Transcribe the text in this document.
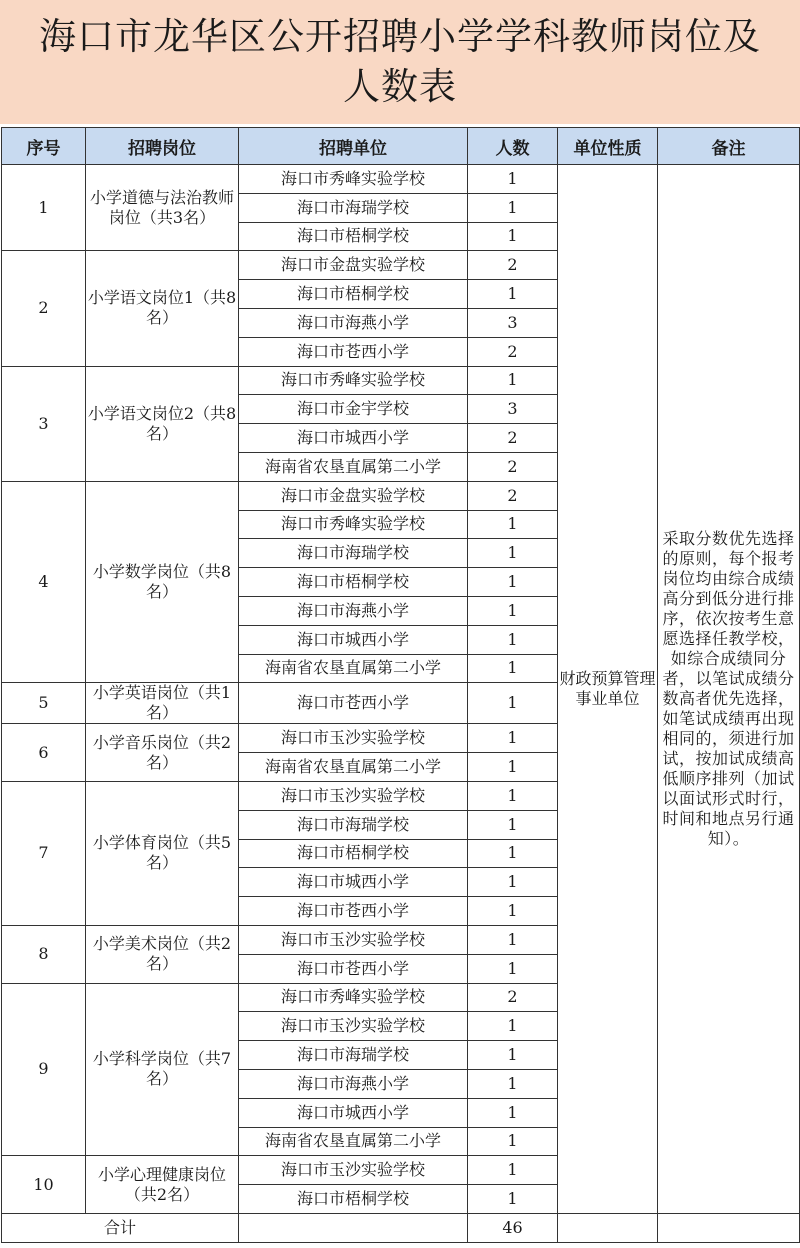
海口市龙华区公开招聘小学学科教师岗位及
人数表
序号	招聘岗位	招聘单位	人数	单位性质	备注
1	小学道德与法治教师岗位（共3名）	海口市秀峰实验学校	1	财政预算管理事业单位	采取分数优先选择的原则，每个报考岗位均由综合成绩高分到低分进行排序，依次按考生意愿选择任教学校，如综合成绩同分者，以笔试成绩分数高者优先选择，如笔试成绩再出现相同的，须进行加试，按加试成绩高低顺序排列（加试以面试形式时行，时间和地点另行通知）。
		海口市海瑞学校	1		
		海口市梧桐学校	1		
2	小学语文岗位1（共8名）	海口市金盘实验学校	2		
		海口市梧桐学校	1		
		海口市海燕小学	3		
		海口市苍西小学	2		
3	小学语文岗位2（共8名）	海口市秀峰实验学校	1		
		海口市金宇学校	3		
		海口市城西小学	2		
		海南省农垦直属第二小学	2		
4	小学数学岗位（共8名）	海口市金盘实验学校	2		
		海口市秀峰实验学校	1		
		海口市海瑞学校	1		
		海口市梧桐学校	1		
		海口市海燕小学	1		
		海口市城西小学	1		
		海南省农垦直属第二小学	1		
5	小学英语岗位（共1名）	海口市苍西小学	1		
6	小学音乐岗位（共2名）	海口市玉沙实验学校	1		
		海南省农垦直属第二小学	1		
7	小学体育岗位（共5名）	海口市玉沙实验学校	1		
		海口市海瑞学校	1		
		海口市梧桐学校	1		
		海口市城西小学	1		
		海口市苍西小学	1		
8	小学美术岗位（共2名）	海口市玉沙实验学校	1		
		海口市苍西小学	1		
9	小学科学岗位（共7名）	海口市秀峰实验学校	2		
		海口市玉沙实验学校	1		
		海口市海瑞学校	1		
		海口市海燕小学	1		
		海口市城西小学	1		
		海南省农垦直属第二小学	1		
10	小学心理健康岗位（共2名）	海口市玉沙实验学校	1		
		海口市梧桐学校	1		
合计			46		
